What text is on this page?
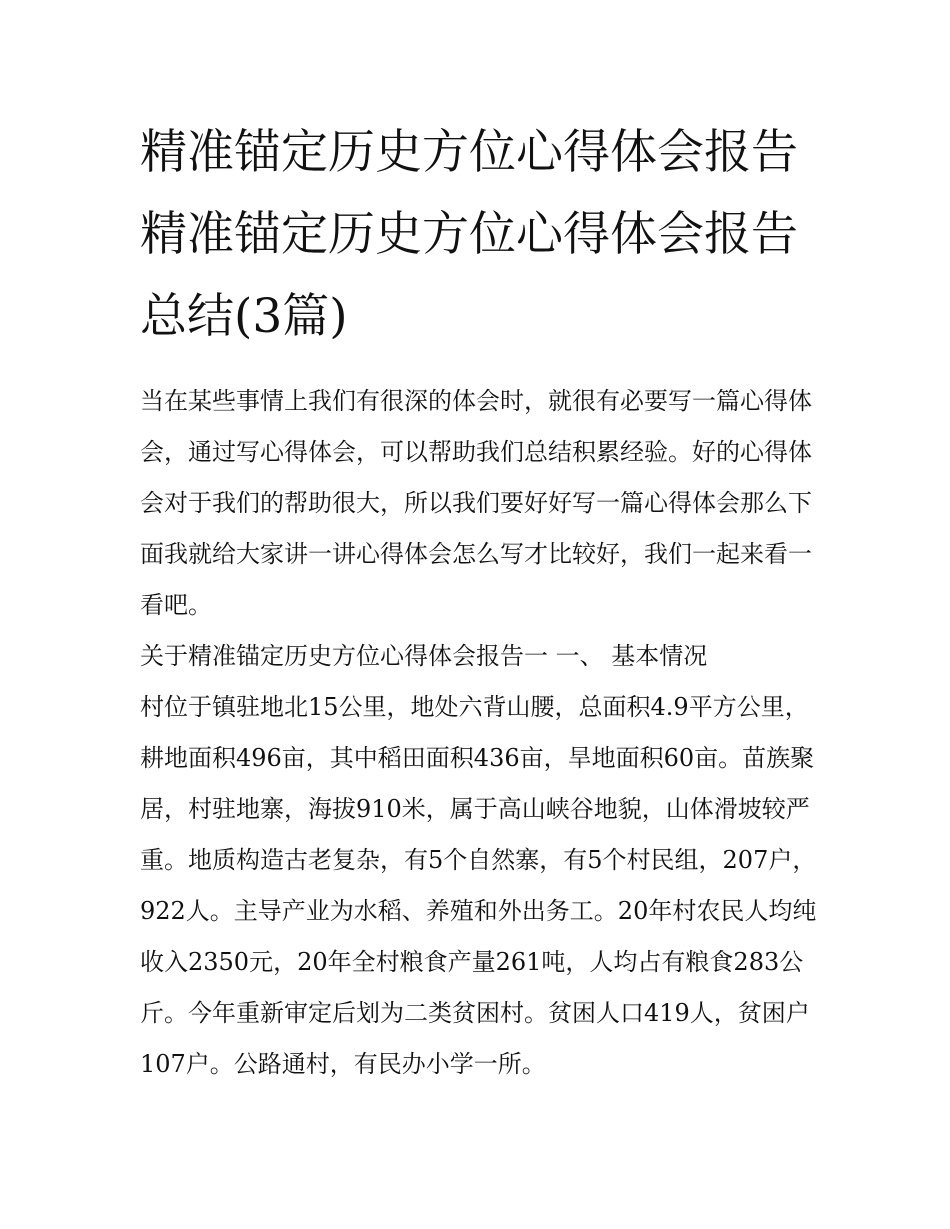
精准锚定历史方位心得体会报告 精准锚定历史方位心得体会报告总结(3篇)

当在某些事情上我们有很深的体会时，就很有必要写一篇心得体会，通过写心得体会，可以帮助我们总结积累经验。好的心得体会对于我们的帮助很大，所以我们要好好写一篇心得体会那么下面我就给大家讲一讲心得体会怎么写才比较好，我们一起来看一看吧。

关于精准锚定历史方位心得体会报告一 一、 基本情况

村位于镇驻地北15公里，地处六背山腰，总面积4.9平方公里，耕地面积496亩，其中稻田面积436亩，旱地面积60亩。苗族聚居，村驻地寨，海拔910米，属于高山峡谷地貌，山体滑坡较严重。地质构造古老复杂，有5个自然寨，有5个村民组，207户，922人。主导产业为水稻、养殖和外出务工。20年村农民人均纯收入2350元，20年全村粮食产量261吨，人均占有粮食283公斤。今年重新审定后划为二类贫困村。贫困人口419人，贫困户107户。公路通村，有民办小学一所。
